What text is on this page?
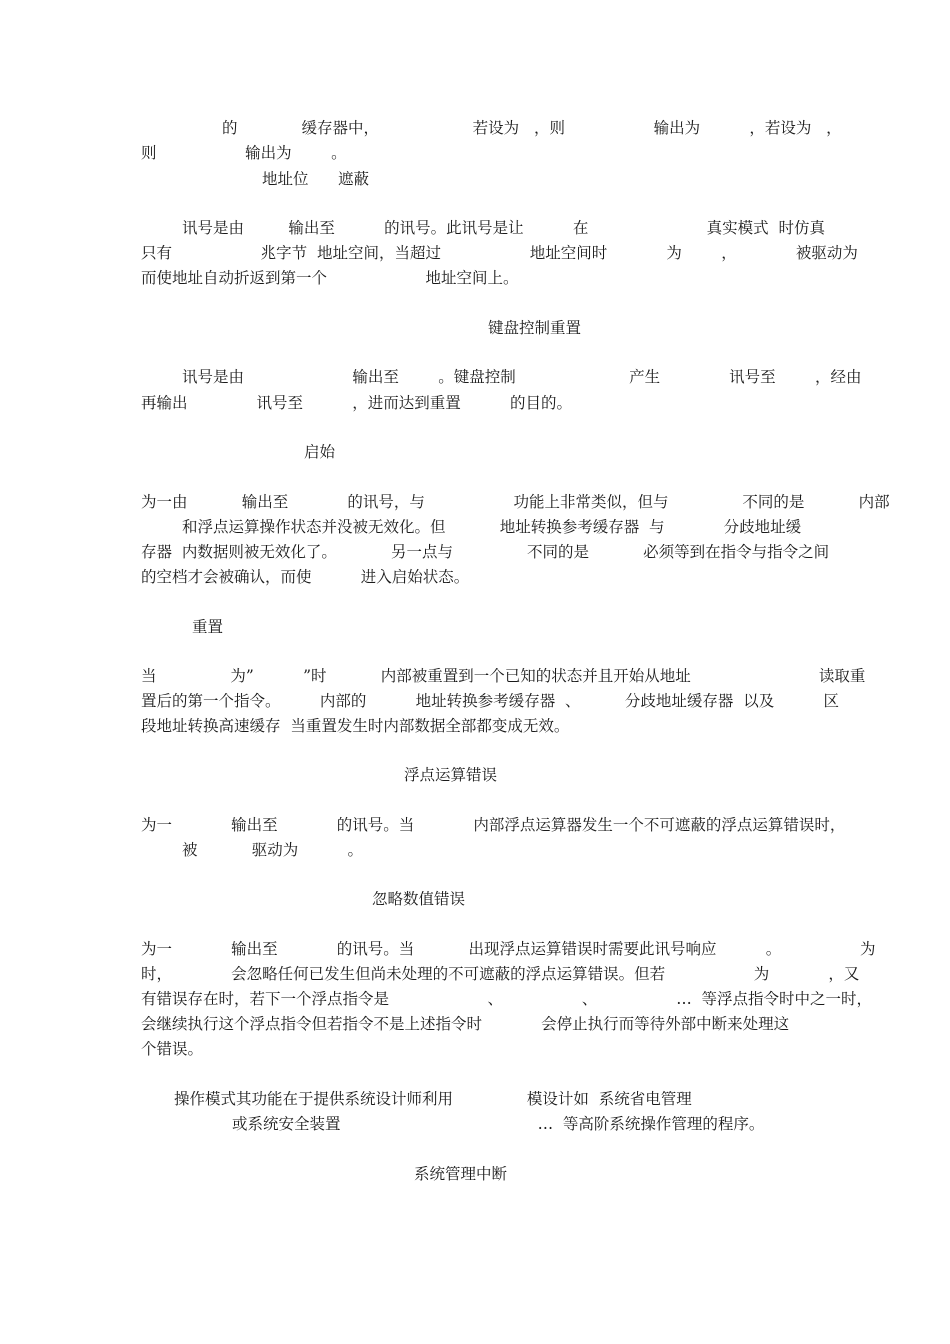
的             缓存器中，                   若设为   ，则                  输出为          ，若设为   ，
则                  输出为        。
地址位      遮蔽
讯号是由         输出至          的讯号。此讯号是让          在                        真实模式  时仿真
只有                  兆字节  地址空间，当超过                  地址空间时            为        ，            被驱动为
而使地址自动折返到第一个                    地址空间上。
键盘控制重置
讯号是由                      输出至        。键盘控制                       产生              讯号至        ，经由
再输出              讯号至          ，进而达到重置          的目的。
启始
为一由           输出至            的讯号，与                  功能上非常类似，但与               不同的是           内部
和浮点运算操作状态并没被无效化。但           地址转换参考缓存器  与            分歧地址缓
存器  内数据则被无效化了。           另一点与               不同的是           必须等到在指令与指令之间
的空档才会被确认，而使          进入启始状态。
重置
当               为”          ”时           内部被重置到一个已知的状态并且开始从地址                          读取重
置后的第一个指令。        内部的          地址转换参考缓存器  、         分歧地址缓存器  以及          区
段地址转换高速缓存  当重置发生时内部数据全部都变成无效。
浮点运算错误
为一            输出至            的讯号。当            内部浮点运算器发生一个不可遮蔽的浮点运算错误时，
被           驱动为          。
忽略数值错误
为一            输出至            的讯号。当           出现浮点运算错误时需要此讯号响应          。                为
时，            会忽略任何已发生但尚未处理的不可遮蔽的浮点运算错误。但若                  为            ，又
有错误存在时，若下一个浮点指令是                    、                、                …  等浮点指令时中之一时，
会继续执行这个浮点指令但若指令不是上述指令时            会停止执行而等待外部中断来处理这
个错误。
操作模式其功能在于提供系统设计师利用               模设计如  系统省电管理
或系统安全装置                                        …  等高阶系统操作管理的程序。
系统管理中断
